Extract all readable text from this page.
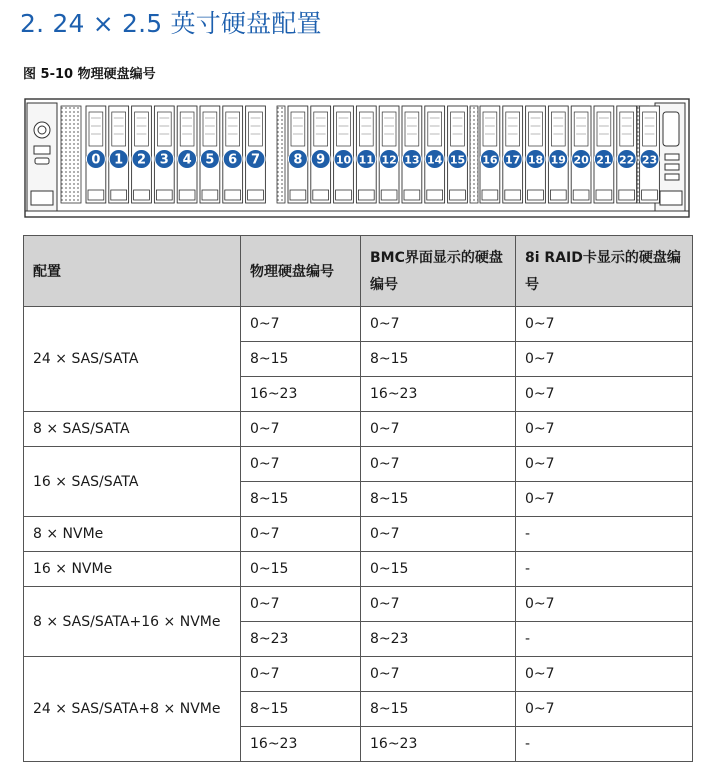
2. 24 × 2.5 英寸硬盘配置
图 5-10 物理硬盘编号
0 1 2 3 4 5 6 7	8 9 10 11 12 13 14 15 16 17 18 19 20 21 22 23
配置	物理硬盘编号	BMC界面显示的硬盘编号	8i RAID卡显示的硬盘编号
24 × SAS/SATA	0~7	0~7	0~7
	8~15	8~15	0~7
	16~23	16~23	0~7
8 × SAS/SATA	0~7	0~7	0~7
16 × SAS/SATA	0~7	0~7	0~7
	8~15	8~15	0~7
8 × NVMe	0~7	0~7	-
16 × NVMe	0~15	0~15	-
8 × SAS/SATA+16 × NVMe	0~7	0~7	0~7
	8~23	8~23	-
24 × SAS/SATA+8 × NVMe	0~7	0~7	0~7
	8~15	8~15	0~7
	16~23	16~23	-
